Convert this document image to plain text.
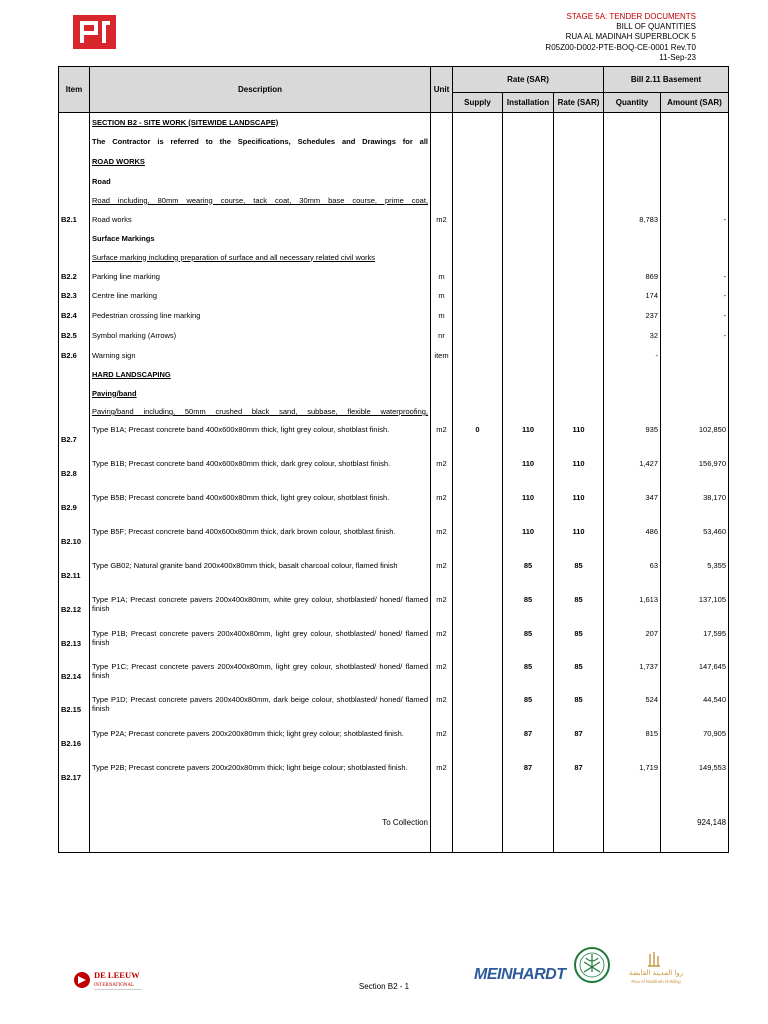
STAGE 5A: TENDER DOCUMENTS
BILL OF QUANTITIES
RUA AL MADINAH SUPERBLOCK 5
R05Z00-D002-PTE-BOQ-CE-0001 Rev.T0
11-Sep-23
Item	Description	Unit	Rate (SAR)			Bill 2.11 Basement	
			Supply	Installation	Rate (SAR)	Quantity	Amount (SAR)
	SECTION B2 - SITE WORK (SITEWIDE LANDSCAPE)						
	The Contractor is referred to the Specifications, Schedules and Drawings for all						
	ROAD WORKS						
	Road						
	Road including, 80mm wearing course, tack coat, 30mm base course, prime coat,						
B2.1	Road works	m2				8,783	-
	Surface Markings						
	Surface marking including preparation of surface and all necessary related civil works						
B2.2	Parking line marking	m				869	-
B2.3	Centre line marking	m				174	-
B2.4	Pedestrian crossing line marking	m				237	-
B2.5	Symbol marking (Arrows)	nr				32	-
B2.6	Warning sign	item				-	
	HARD LANDSCAPING						
	Paving/band						
	Paving/band including, 50mm crushed black sand, subbase, flexible waterproofing,						
B2.7	Type B1A; Precast concrete band 400x600x80mm thick, light grey colour, shotblast finish.	m2	0	110	110	935	102,850
B2.8	Type B1B; Precast concrete band 400x600x80mm thick, dark grey colour, shotblast finish.	m2		110	110	1,427	156,970
B2.9	Type B5B; Precast concrete band 400x600x80mm thick, light grey colour, shotblast finish.	m2		110	110	347	38,170
B2.10	Type B5F; Precast concrete band 400x600x80mm thick, dark brown colour, shotblast finish.	m2		110	110	486	53,460
B2.11	Type GB02; Natural granite band 200x400x80mm thick, basalt charcoal colour, flamed finish	m2		85	85	63	5,355
B2.12	Type P1A; Precast concrete pavers 200x400x80mm, white grey colour, shotblasted/ honed/ flamed finish	m2		85	85	1,613	137,105
B2.13	Type P1B; Precast concrete pavers 200x400x80mm, light grey colour, shotblasted/ honed/ flamed finish	m2		85	85	207	17,595
B2.14	Type P1C; Precast concrete pavers 200x400x80mm, light grey colour, shotblasted/ honed/ flamed finish	m2		85	85	1,737	147,645
B2.15	Type P1D; Precast concrete pavers 200x400x80mm, dark beige colour, shotblasted/ honed/ flamed finish	m2		85	85	524	44,540
B2.16	Type P2A; Precast concrete pavers 200x200x80mm thick; light grey colour; shotblasted finish.	m2		87	87	815	70,905
B2.17	Type P2B; Precast concrete pavers 200x200x80mm thick; light beige colour; shotblasted finish.	m2		87	87	1,719	149,553
	To Collection						924,148
DE LEEUW
INTERNATIONAL	Section B2 - 1
MEINHARDT	روا المدينة القابضة
Rua Al Madinah Holding
